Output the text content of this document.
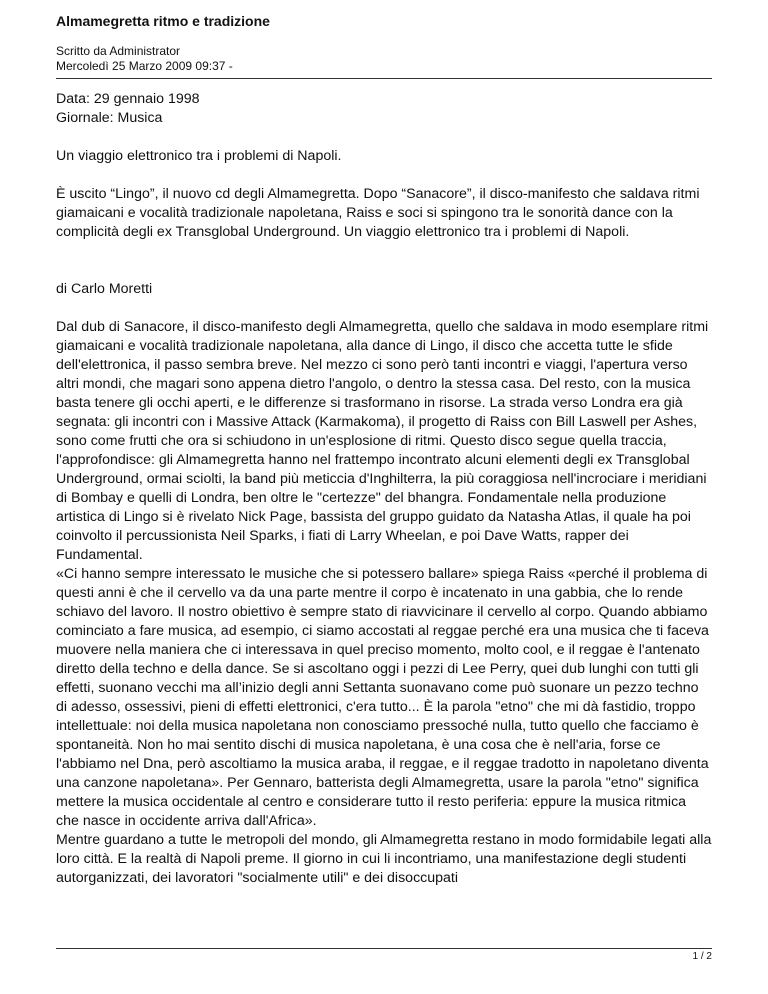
Almamegretta ritmo e tradizione
Scritto da Administrator
Mercoledì 25 Marzo 2009 09:37 -

Data: 29 gennaio 1998

Giornale: Musica

Un viaggio elettronico tra i problemi di Napoli.

È uscito “Lingo”, il nuovo cd degli Almamegretta. Dopo “Sanacore”, il disco-manifesto che saldava ritmi giamaicani e vocalità tradizionale napoletana, Raiss e soci si spingono tra le sonorità dance con la complicità degli ex Transglobal Underground. Un viaggio elettronico tra i problemi di Napoli.

di Carlo Moretti

Dal dub di Sanacore, il disco-manifesto degli Almamegretta, quello che saldava in modo esemplare ritmi giamaicani e vocalità tradizionale napoletana, alla dance di Lingo, il disco che accetta tutte le sfide dell'elettronica, il passo sembra breve. Nel mezzo ci sono però tanti incontri e viaggi, l'apertura verso altri mondi, che magari sono appena dietro l'angolo, o dentro la stessa casa. Del resto, con la musica basta tenere gli occhi aperti, e le differenze si trasformano in risorse. La strada verso Londra era già segnata: gli incontri con i Massive Attack (Karmakoma), il progetto di Raiss con Bill Laswell per Ashes, sono come frutti che ora si schiudono in un'esplosione di ritmi. Questo disco segue quella traccia, l'approfondisce: gli Almamegretta hanno nel frattempo incontrato alcuni elementi degli ex Transglobal Underground, ormai sciolti, la band più meticcia d'Inghilterra, la più coraggiosa nell'incrociare i meridiani di Bombay e quelli di Londra, ben oltre le "certezze" del bhangra. Fondamentale nella produzione artistica di Lingo si è rivelato Nick Page, bassista del gruppo guidato da Natasha Atlas, il quale ha poi coinvolto il percussionista Neil Sparks, i fiati di Larry Wheelan, e poi Dave Watts, rapper dei Fundamental.

«Ci hanno sempre interessato le musiche che si potessero ballare» spiega Raiss «perché il problema di questi anni è che il cervello va da una parte mentre il corpo è incatenato in una gabbia, che lo rende schiavo del lavoro. Il nostro obiettivo è sempre stato di riavvicinare il cervello al corpo. Quando abbiamo cominciato a fare musica, ad esempio, ci siamo accostati al reggae perché era una musica che ti faceva muovere nella maniera che ci interessava in quel preciso momento, molto cool, e il reggae è l'antenato diretto della techno e della dance. Se si ascoltano oggi i pezzi di Lee Perry, quei dub lunghi con tutti gli effetti, suonano vecchi ma all’inizio degli anni Settanta suonavano come può suonare un pezzo techno di adesso, ossessivi, pieni di effetti elettronici, c'era tutto... È la parola "etno" che mi dà fastidio, troppo intellettuale: noi della musica napoletana non conosciamo pressoché nulla, tutto quello che facciamo è spontaneità. Non ho mai sentito dischi di musica napoletana, è una cosa che è nell'aria, forse ce l'abbiamo nel Dna, però ascoltiamo la musica araba, il reggae, e il reggae tradotto in napoletano diventa una canzone napoletana». Per Gennaro, batterista degli Almamegretta, usare la parola "etno" significa mettere la musica occidentale al centro e considerare tutto il resto periferia: eppure la musica ritmica che nasce in occidente arriva dall'Africa».

Mentre guardano a tutte le metropoli del mondo, gli Almamegretta restano in modo formidabile legati alla loro città. E la realtà di Napoli preme. Il giorno in cui li incontriamo, una manifestazione degli studenti autorganizzati, dei lavoratori "socialmente utili" e dei disoccupati

1 / 2
